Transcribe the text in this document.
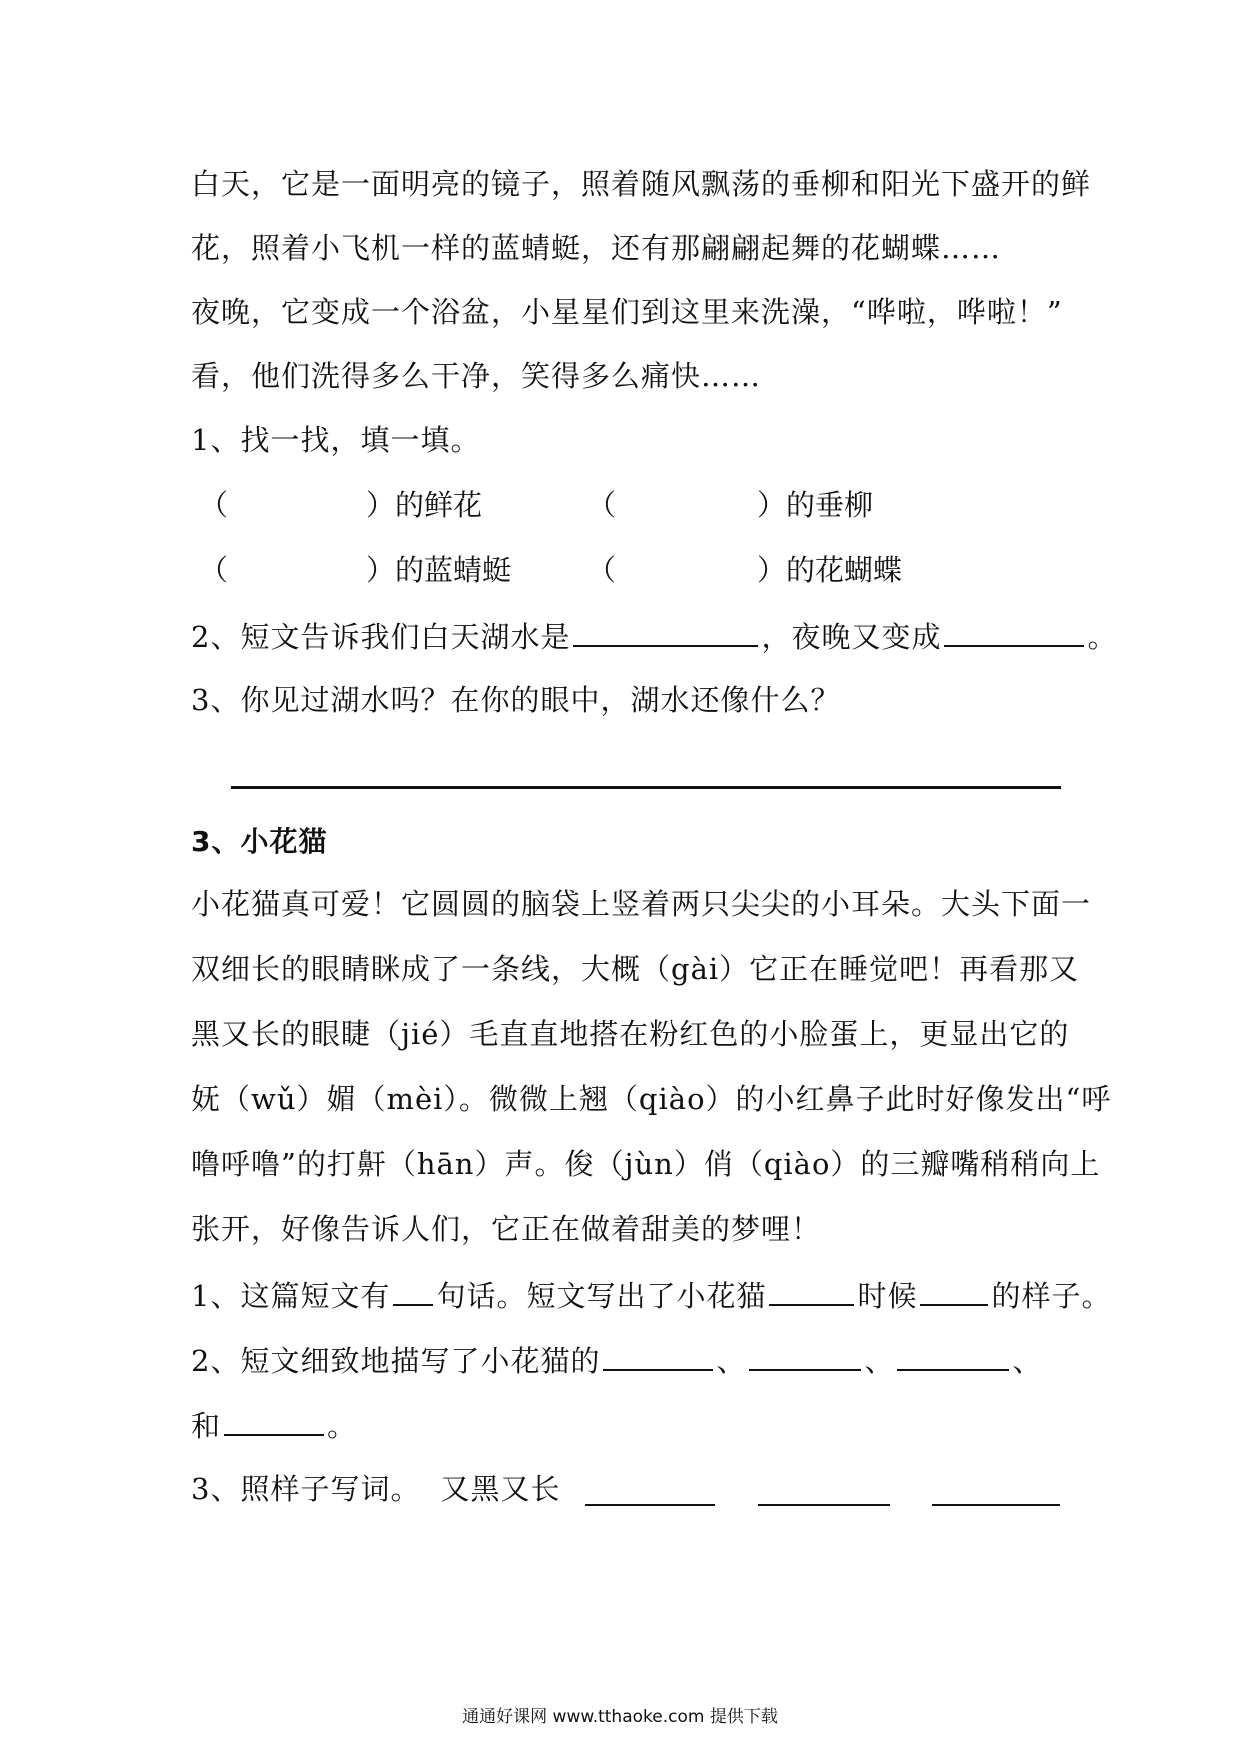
白天，它是一面明亮的镜子，照着随风飘荡的垂柳和阳光下盛开的鲜
花，照着小飞机一样的蓝蜻蜓，还有那翩翩起舞的花蝴蝶……
夜晚，它变成一个浴盆，小星星们到这里来洗澡，“哗啦，哗啦！”
看，他们洗得多么干净，笑得多么痛快……
1、找一找，填一填。
（	）的鲜花	（	）的垂柳
（	）的蓝蜻蜓	（	）的花蝴蝶
2、短文告诉我们白天湖水是	，夜晚又变成	。
3、你见过湖水吗？在你的眼中，湖水还像什么？
3、小花猫
小花猫真可爱！它圆圆的脑袋上竖着两只尖尖的小耳朵。大头下面一
双细长的眼睛眯成了一条线，大概（gài）它正在睡觉吧！再看那又
黑又长的眼睫（jié）毛直直地搭在粉红色的小脸蛋上，更显出它的
妩（wǔ）媚（mèi）。微微上翘（qiào）的小红鼻子此时好像发出“呼
噜呼噜”的打鼾（hān）声。俊（jùn）俏（qiào）的三瓣嘴稍稍向上
张开，好像告诉人们，它正在做着甜美的梦哩！
1、这篇短文有 句话。短文写出了小花猫	时候	的样子。
2、短文细致地描写了小花猫的	、	、	、
和	。
3、照样子写词。 又黑又长
通通好课网 www.tthaoke.com 提供下载
